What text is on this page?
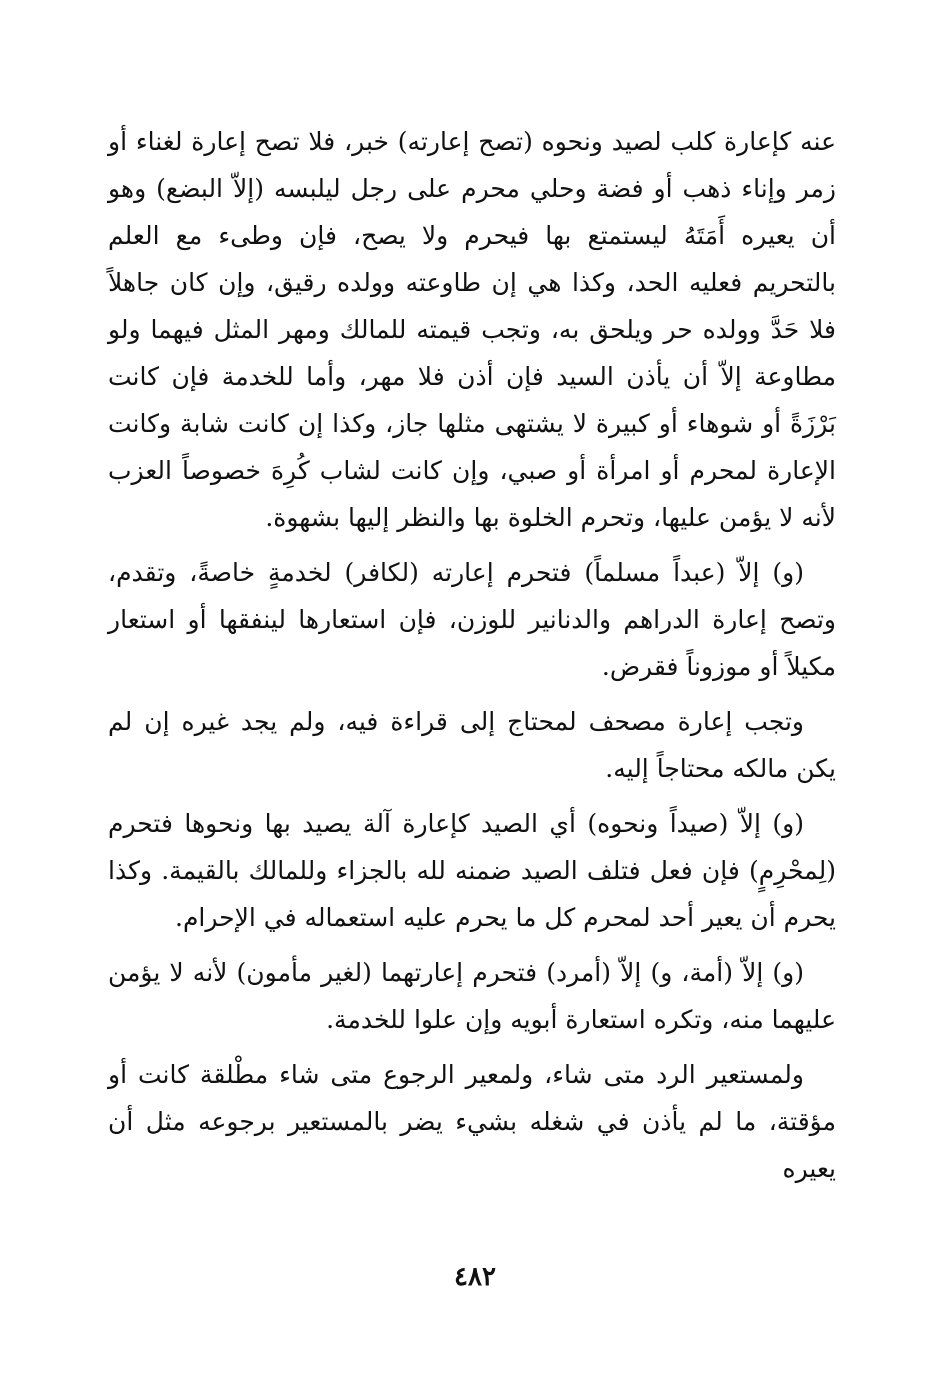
عنه كإعارة كلب لصيد ونحوه (تصح إعارته) خبر، فلا تصح إعارة لغناء أو زمر وإناء ذهب أو فضة وحلي محرم على رجل ليلبسه (إلاّ البضع) وهو أن يعيره أَمَتَهُ ليستمتع بها فيحرم ولا يصح، فإن وطىء مع العلم بالتحريم فعليه الحد، وكذا هي إن طاوعته وولده رقيق، وإن كان جاهلاً فلا حَدَّ وولده حر ويلحق به، وتجب قيمته للمالك ومهر المثل فيهما ولو مطاوعة إلاّ أن يأذن السيد فإن أذن فلا مهر، وأما للخدمة فإن كانت بَرْزَةً أو شوهاء أو كبيرة لا يشتهى مثلها جاز، وكذا إن كانت شابة وكانت الإعارة لمحرم أو امرأة أو صبي، وإن كانت لشاب كُرِهَ خصوصاً العزب لأنه لا يؤمن عليها، وتحرم الخلوة بها والنظر إليها بشهوة.

(و) إلاّ (عبداً مسلماً) فتحرم إعارته (لكافر) لخدمةٍ خاصةً، وتقدم، وتصح إعارة الدراهم والدنانير للوزن، فإن استعارها لينفقها أو استعار مكيلاً أو موزوناً فقرض.

وتجب إعارة مصحف لمحتاج إلى قراءة فيه، ولم يجد غيره إن لم يكن مالكه محتاجاً إليه.

(و) إلاّ (صيداً ونحوه) أي الصيد كإعارة آلة يصيد بها ونحوها فتحرم (لِمحْرِمٍ) فإن فعل فتلف الصيد ضمنه لله بالجزاء وللمالك بالقيمة. وكذا يحرم أن يعير أحد لمحرم كل ما يحرم عليه استعماله في الإحرام.

(و) إلاّ (أمة، و) إلاّ (أمرد) فتحرم إعارتهما (لغير مأمون) لأنه لا يؤمن عليهما منه، وتكره استعارة أبويه وإن علوا للخدمة.

ولمستعير الرد متى شاء، ولمعير الرجوع متى شاء مطْلقة كانت أو مؤقتة، ما لم يأذن في شغله بشيء يضر بالمستعير برجوعه مثل أن يعيره

٤٨٢
